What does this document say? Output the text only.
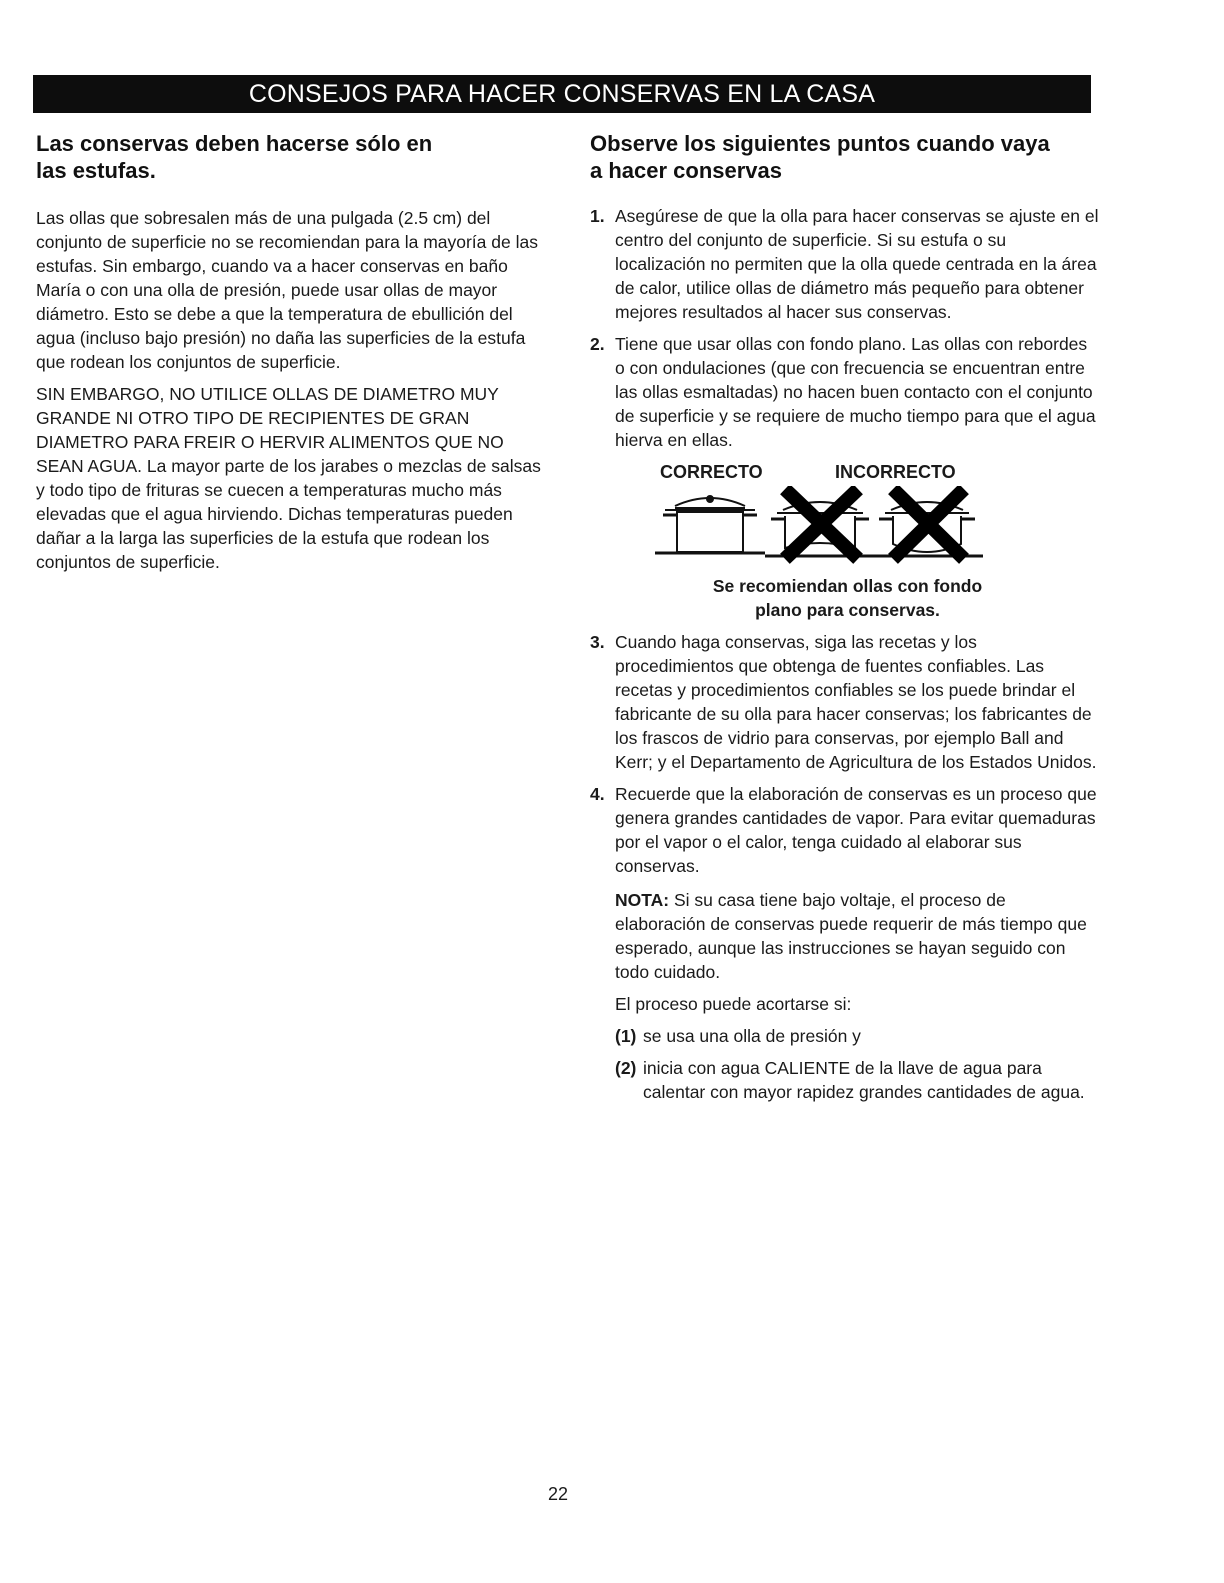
CONSEJOS PARA HACER CONSERVAS EN LA CASA
Las conservas deben hacerse sólo en
las estufas.

Las ollas que sobresalen más de una pulgada (2.5 cm) del conjunto de superficie no se recomiendan para la mayoría de las estufas. Sin embargo, cuando va a hacer conservas en baño María o con una olla de presión, puede usar ollas de mayor diámetro. Esto se debe a que la temperatura de ebullición del agua (incluso bajo presión) no daña las superficies de la estufa que rodean los conjuntos de superficie.

SIN EMBARGO, NO UTILICE OLLAS DE DIAMETRO MUY GRANDE NI OTRO TIPO DE RECIPIENTES DE GRAN DIAMETRO PARA FREIR O HERVIR ALIMENTOS QUE NO SEAN AGUA. La mayor parte de los jarabes o mezclas de salsas y todo tipo de frituras se cuecen a temperaturas mucho más elevadas que el agua hirviendo. Dichas temperaturas pueden dañar a la larga las superficies de la estufa que rodean los conjuntos de superficie.

Observe los siguientes puntos cuando vaya
a hacer conservas
1. Asegúrese de que la olla para hacer conservas se ajuste en el centro del conjunto de superficie. Si su estufa o su localización no permiten que la olla quede centrada en la área de calor, utilice ollas de diámetro más pequeño para obtener mejores resultados al hacer sus conservas.
2. Tiene que usar ollas con fondo plano. Las ollas con rebordes o con ondulaciones (que con frecuencia se encuentran entre las ollas esmaltadas) no hacen buen contacto con el conjunto de superficie y se requiere de mucho tiempo para que el agua hierva en ellas.
CORRECTO	INCORRECTO
Se recomiendan ollas con fondo
plano para conservas.
3. Cuando haga conservas, siga las recetas y los procedimientos que obtenga de fuentes confiables. Las recetas y procedimientos confiables se los puede brindar el fabricante de su olla para hacer conservas; los fabricantes de los frascos de vidrio para conservas, por ejemplo Ball and Kerr; y el Departamento de Agricultura de los Estados Unidos.
4. Recuerde que la elaboración de conservas es un proceso que genera grandes cantidades de vapor. Para evitar quemaduras por el vapor o el calor, tenga cuidado al elaborar sus conservas.

NOTA: Si su casa tiene bajo voltaje, el proceso de elaboración de conservas puede requerir de más tiempo que esperado, aunque las instrucciones se hayan seguido con todo cuidado.

El proceso puede acortarse si:

(1) se usa una olla de presión y

(2) inicia con agua CALIENTE de la llave de agua para calentar con mayor rapidez grandes cantidades de agua.

22
